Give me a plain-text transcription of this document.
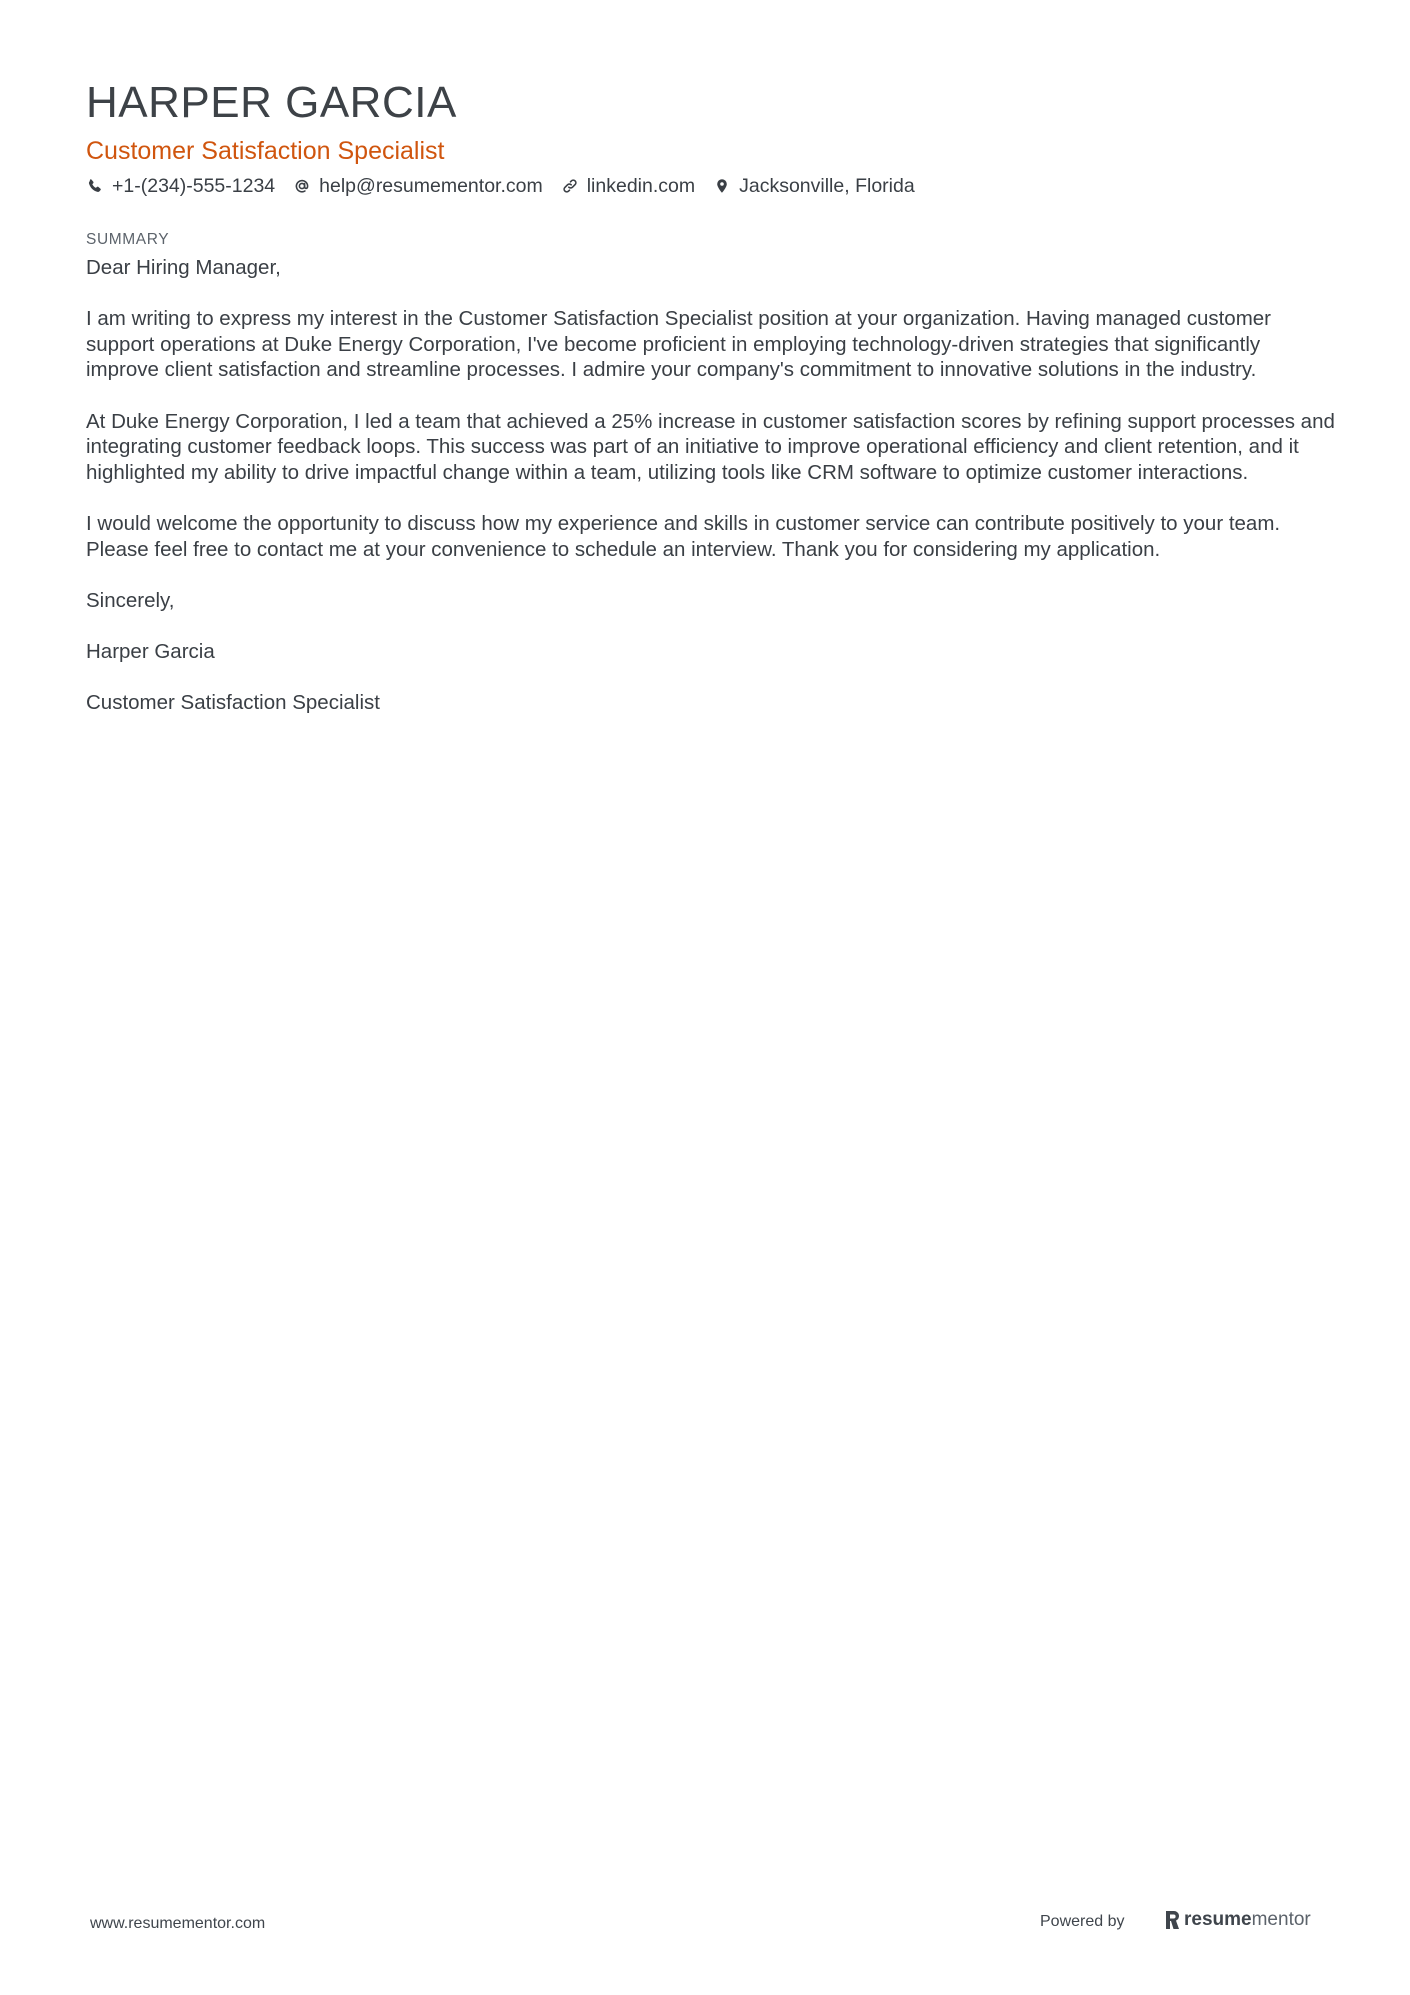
HARPER GARCIA
Customer Satisfaction Specialist
+1-(234)-555-1234 help@resumementor.com linkedin.com Jacksonville, Florida
SUMMARY

Dear Hiring Manager,

I am writing to express my interest in the Customer Satisfaction Specialist position at your organization. Having managed customer support operations at Duke Energy Corporation, I've become proficient in employing technology-driven strategies that significantly improve client satisfaction and streamline processes. I admire your company's commitment to innovative solutions in the industry.

At Duke Energy Corporation, I led a team that achieved a 25% increase in customer satisfaction scores by refining support processes and integrating customer feedback loops. This success was part of an initiative to improve operational efficiency and client retention, and it highlighted my ability to drive impactful change within a team, utilizing tools like CRM software to optimize customer interactions.

I would welcome the opportunity to discuss how my experience and skills in customer service can contribute positively to your team. Please feel free to contact me at your convenience to schedule an interview. Thank you for considering my application.

Sincerely,

Harper Garcia

Customer Satisfaction Specialist

www.resumementor.com	Powered by	resume mentor
